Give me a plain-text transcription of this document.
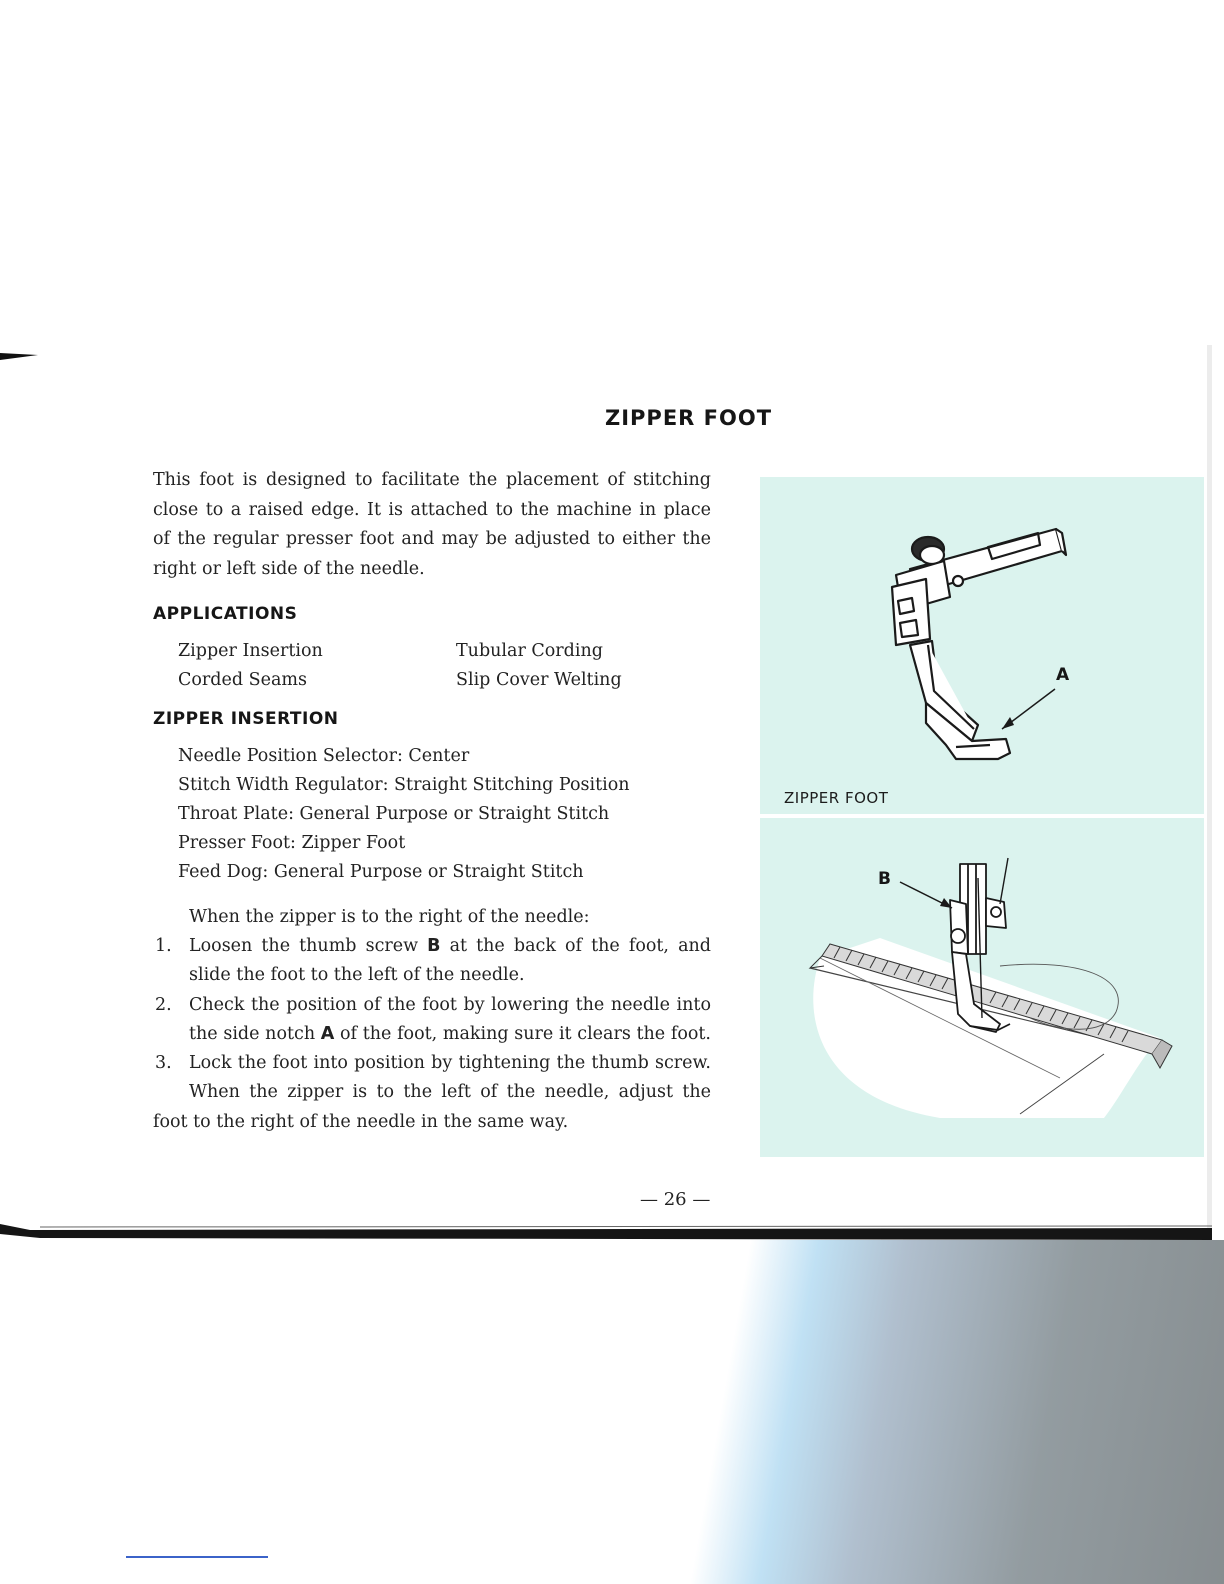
ZIPPER FOOT

This foot is designed to facilitate the placement of stitching
close to a raised edge. It is attached to the machine in place
of the regular presser foot and may be adjusted to either the
right or left side of the needle.

APPLICATIONS
Zipper Insertion
Corded Seams
Tubular Cording
Slip Cover Welting
ZIPPER INSERTION
Needle Position Selector: Center
Stitch Width Regulator: Straight Stitching Position
Throat Plate: General Purpose or Straight Stitch
Presser Foot: Zipper Foot
Feed Dog: General Purpose or Straight Stitch
When the zipper is to the right of the needle:
1. Loosen the thumb screw B at the back of the foot, and
slide the foot to the left of the needle.
2. Check the position of the foot by lowering the needle into
the side notch A of the foot, making sure it clears the foot.
3. Lock the foot into position by tightening the thumb screw.
When the zipper is to the left of the needle, adjust the
foot to the right of the needle in the same way.
A
ZIPPER FOOT
B
— 26 —
